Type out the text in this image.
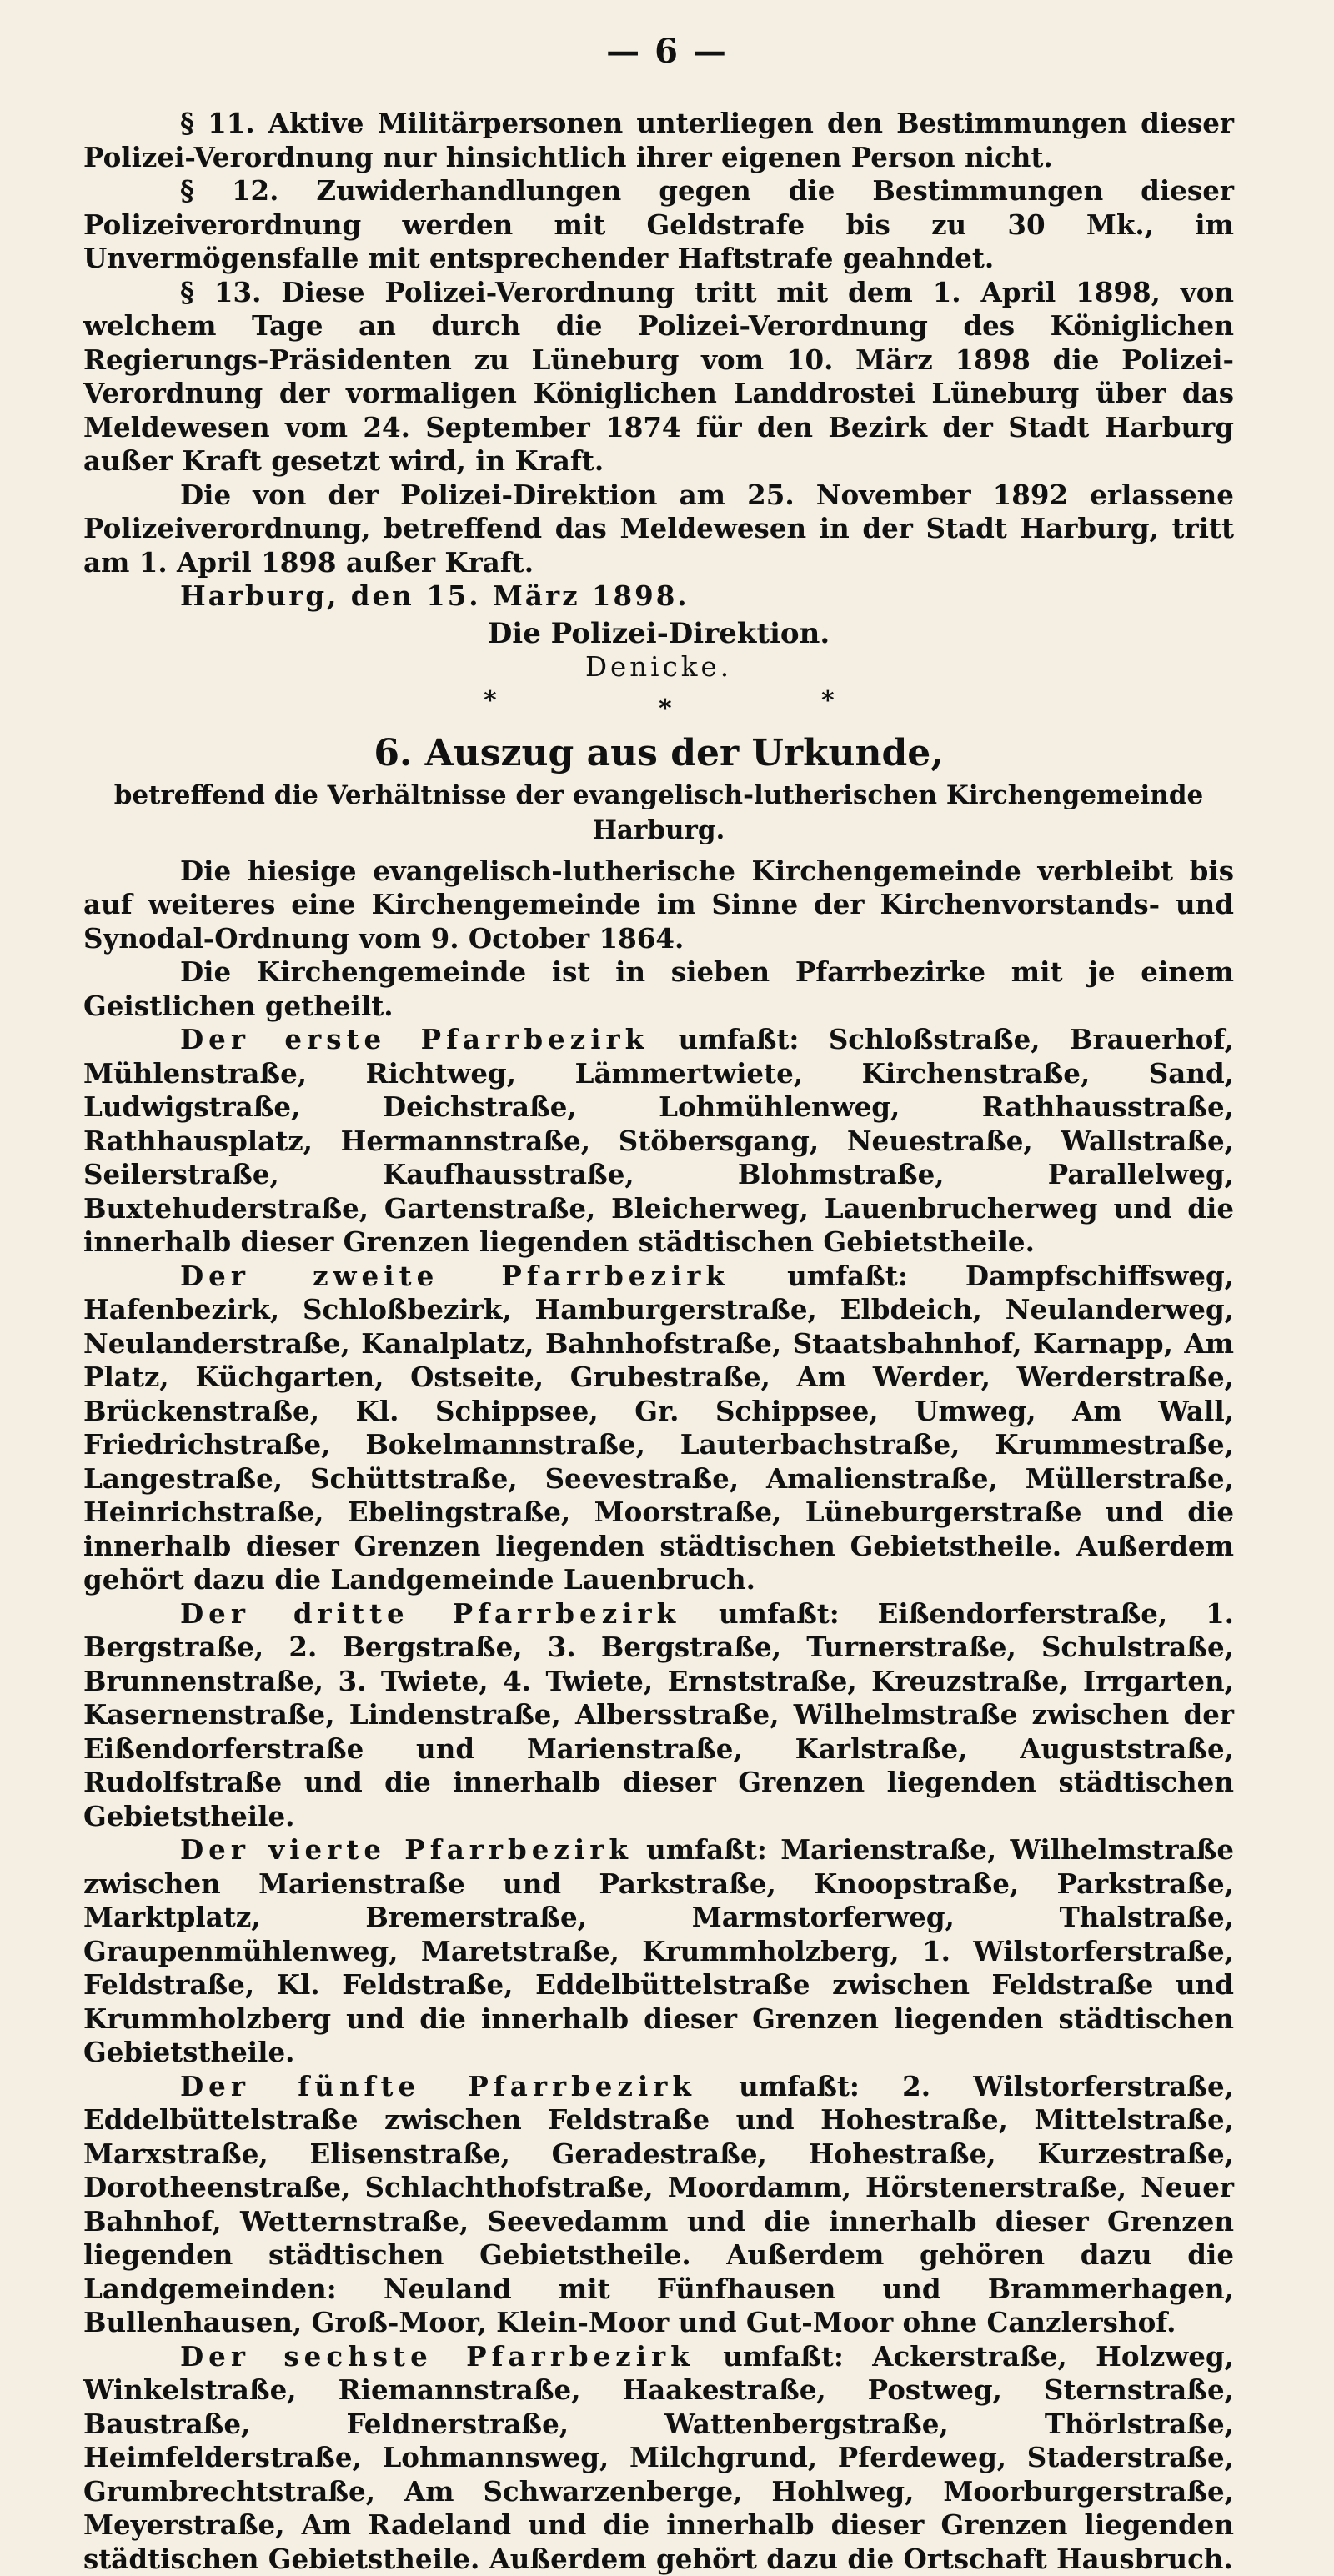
— 6 —

§ 11. Aktive Militärpersonen unterliegen den Bestimmungen dieser Polizei-Verordnung nur hinsichtlich ihrer eigenen Person nicht.

§ 12. Zuwiderhandlungen gegen die Bestimmungen dieser Polizeiverordnung werden mit Geldstrafe bis zu 30 Mk., im Unvermögensfalle mit entsprechender Haftstrafe geahndet.

§ 13. Diese Polizei-Verordnung tritt mit dem 1. April 1898, von welchem Tage an durch die Polizei-Verordnung des Königlichen Regierungs-Präsidenten zu Lüneburg vom 10. März 1898 die Polizei-Verordnung der vormaligen Königlichen Landdrostei Lüneburg über das Meldewesen vom 24. September 1874 für den Bezirk der Stadt Harburg außer Kraft gesetzt wird, in Kraft.

Die von der Polizei-Direktion am 25. November 1892 erlassene Polizeiverordnung, betreffend das Meldewesen in der Stadt Harburg, tritt am 1. April 1898 außer Kraft.

Harburg, den 15. März 1898.

Die Polizei-Direktion.

Denicke.

*	*	*

6. Auszug aus der Urkunde,

betreffend die Verhältnisse der evangelisch-lutherischen Kirchengemeinde Harburg.

Die hiesige evangelisch-lutherische Kirchengemeinde verbleibt bis auf weiteres eine Kirchengemeinde im Sinne der Kirchenvorstands- und Synodal-Ordnung vom 9. October 1864.

Die Kirchengemeinde ist in sieben Pfarrbezirke mit je einem Geistlichen getheilt.

Der erste Pfarrbezirk umfaßt: Schloßstraße, Brauerhof, Mühlenstraße, Richtweg, Lämmertwiete, Kirchenstraße, Sand, Ludwigstraße, Deichstraße, Lohmühlenweg, Rathhausstraße, Rathhausplatz, Hermannstraße, Stöbersgang, Neuestraße, Wallstraße, Seilerstraße, Kaufhausstraße, Blohmstraße, Parallelweg, Buxtehuderstraße, Gartenstraße, Bleicherweg, Lauenbrucherweg und die innerhalb dieser Grenzen liegenden städtischen Gebietstheile.

Der zweite Pfarrbezirk umfaßt: Dampfschiffsweg, Hafenbezirk, Schloßbezirk, Hamburgerstraße, Elbdeich, Neulanderweg, Neulanderstraße, Kanalplatz, Bahnhofstraße, Staatsbahnhof, Karnapp, Am Platz, Küchgarten, Ostseite, Grubestraße, Am Werder, Werderstraße, Brückenstraße, Kl. Schippsee, Gr. Schippsee, Umweg, Am Wall, Friedrichstraße, Bokelmannstraße, Lauterbachstraße, Krummestraße, Langestraße, Schüttstraße, Seevestraße, Amalienstraße, Müllerstraße, Heinrichstraße, Ebelingstraße, Moorstraße, Lüneburgerstraße und die innerhalb dieser Grenzen liegenden städtischen Gebietstheile. Außerdem gehört dazu die Landgemeinde Lauenbruch.

Der dritte Pfarrbezirk umfaßt: Eißendorferstraße, 1. Bergstraße, 2. Bergstraße, 3. Bergstraße, Turnerstraße, Schulstraße, Brunnenstraße, 3. Twiete, 4. Twiete, Ernststraße, Kreuzstraße, Irrgarten, Kasernenstraße, Lindenstraße, Albersstraße, Wilhelmstraße zwischen der Eißendorferstraße und Marienstraße, Karlstraße, Auguststraße, Rudolfstraße und die innerhalb dieser Grenzen liegenden städtischen Gebietstheile.

Der vierte Pfarrbezirk umfaßt: Marienstraße, Wilhelmstraße zwischen Marienstraße und Parkstraße, Knoopstraße, Parkstraße, Marktplatz, Bremerstraße, Marmstorferweg, Thalstraße, Graupenmühlenweg, Maretstraße, Krummholzberg, 1. Wilstorferstraße, Feldstraße, Kl. Feldstraße, Eddelbüttelstraße zwischen Feldstraße und Krummholzberg und die innerhalb dieser Grenzen liegenden städtischen Gebietstheile.

Der fünfte Pfarrbezirk umfaßt: 2. Wilstorferstraße, Eddelbüttelstraße zwischen Feldstraße und Hohestraße, Mittelstraße, Marxstraße, Elisenstraße, Geradestraße, Hohestraße, Kurzestraße, Dorotheenstraße, Schlachthofstraße, Moordamm, Hörstenerstraße, Neuer Bahnhof, Wetternstraße, Seevedamm und die innerhalb dieser Grenzen liegenden städtischen Gebietstheile. Außerdem gehören dazu die Landgemeinden: Neuland mit Fünfhausen und Brammerhagen, Bullenhausen, Groß-Moor, Klein-Moor und Gut-Moor ohne Canzlershof.

Der sechste Pfarrbezirk umfaßt: Ackerstraße, Holzweg, Winkelstraße, Riemannstraße, Haakestraße, Postweg, Sternstraße, Baustraße, Feldnerstraße, Wattenbergstraße, Thörlstraße, Heimfelderstraße, Lohmannsweg, Milchgrund, Pferdeweg, Staderstraße, Grumbrechtstraße, Am Schwarzenberge, Hohlweg, Moorburgerstraße, Meyerstraße, Am Radeland und die innerhalb dieser Grenzen liegenden städtischen Gebietstheile. Außerdem gehört dazu die Ortschaft Hausbruch.
